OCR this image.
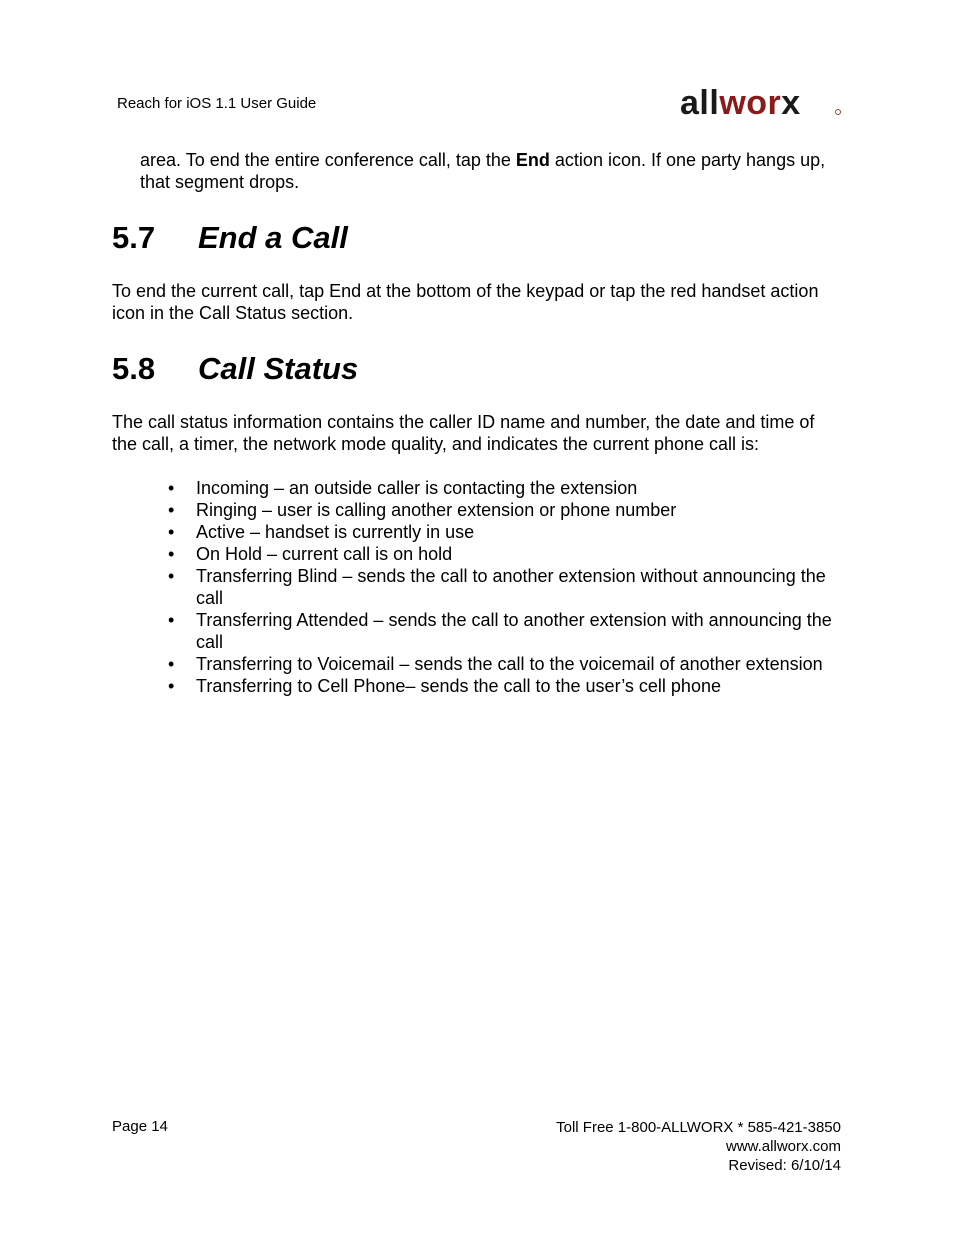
Reach for iOS 1.1 User Guide	allworx
area. To end the entire conference call, tap the End action icon. If one party hangs up, that segment drops.
5.7 End a Call
To end the current call, tap End at the bottom of the keypad or tap the red handset action icon in the Call Status section.
5.8 Call Status
The call status information contains the caller ID name and number, the date and time of the call, a timer, the network mode quality, and indicates the current phone call is:
• Incoming – an outside caller is contacting the extension
• Ringing – user is calling another extension or phone number
• Active – handset is currently in use
• On Hold – current call is on hold
• Transferring Blind – sends the call to another extension without announcing the call
• Transferring Attended – sends the call to another extension with announcing the call
• Transferring to Voicemail – sends the call to the voicemail of another extension
• Transferring to Cell Phone– sends the call to the user’s cell phone
Page 14	Toll Free 1-800-ALLWORX * 585-421-3850
www.allworx.com
Revised: 6/10/14
